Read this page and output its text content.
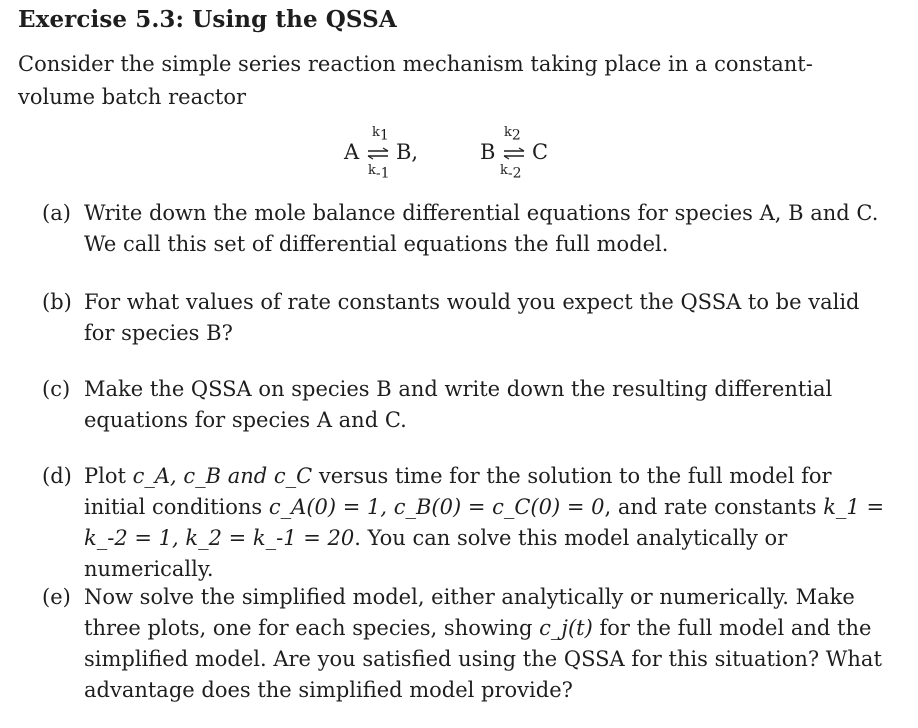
Exercise 5.3: Using the QSSA
Consider the simple series reaction mechanism taking place in a constant-
volume batch reactor
A
$k_1$
$k_{-1}$
B,	B
$k_2$
$k_{-2}$
C
(a) Write down the mole balance differential equations for species A, B and C. We call this set of differential equations the full model.
(b) For what values of rate constants would you expect the QSSA to be valid for species B?
(c) Make the QSSA on species B and write down the resulting differential equations for species A and C.
(d) Plot c_A, c_B and c_C versus time for the solution to the full model for initial conditions c_A(0) = 1, c_B(0) = c_C(0) = 0, and rate constants k_1 = k_-2 = 1, k_2 = k_-1 = 20. You can solve this model analytically or numerically.
(e) Now solve the simplified model, either analytically or numerically. Make three plots, one for each species, showing c_j(t) for the full model and the simplified model. Are you satisfied using the QSSA for this situation? What advantage does the simplified model provide?
